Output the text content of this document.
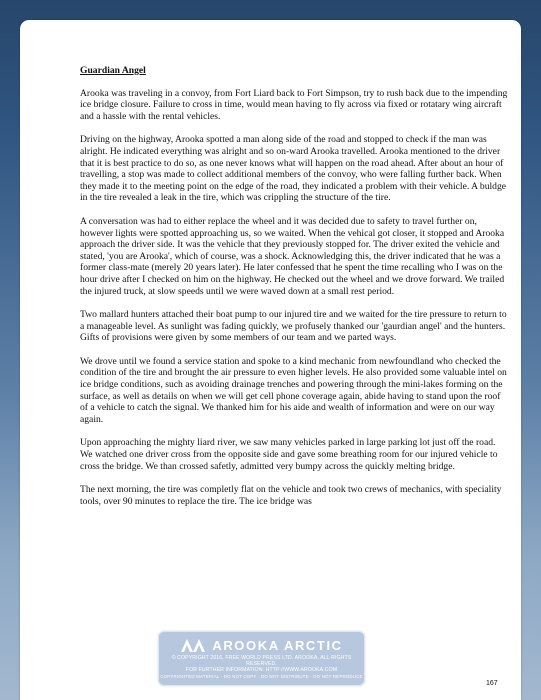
Guardian Angel

Arooka was traveling in a convoy, from Fort Liard back to Fort Simpson, try to rush back due to the impending ice bridge closure. Failure to cross in time, would mean having to fly across via fixed or rotatary wing aircraft and a hassle with the rental vehicles.

Driving on the highway, Arooka spotted a man along side of the road and stopped to check if the man was alright. He indicated everything was alright and so on-ward Arooka travelled. Arooka mentioned to the driver that it is best practice to do so, as one never knows what will happen on the road ahead. After about an hour of travelling, a stop was made to collect additional members of the convoy, who were falling further back. When they made it to the meeting point on the edge of the road, they indicated a problem with their vehicle. A buldge in the tire revealed a leak in the tire, which was crippling the structure of the tire.

A conversation was had to either replace the wheel and it was decided due to safety to travel further on, however lights were spotted approaching us, so we waited. When the vehical got closer, it stopped and Arooka approach the driver side. It was the vehicle that they previously stopped for. The driver exited the vehicle and stated, 'you are Arooka', which of course, was a shock. Acknowledging this, the driver indicated that he was a former class-mate (merely 20 years later). He later confessed that he spent the time recalling who I was on the hour drive after I checked on him on the highway. He checked out the wheel and we drove forward. We trailed the injured truck, at slow speeds until we were waved down at a small rest period.

Two mallard hunters attached their boat pump to our injured tire and we waited for the tire pressure to return to a manageable level. As sunlight was fading quickly, we profusely thanked our 'gaurdian angel' and the hunters. Gifts of provisions were given by some members of our team and we parted ways.

We drove until we found a service station and spoke to a kind mechanic from newfoundland who checked the condition of the tire and brought the air pressure to even higher levels. He also provided some valuable intel on ice bridge conditions, such as avoiding drainage trenches and powering through the mini-lakes forming on the surface, as well as details on when we will get cell phone coverage again, abide having to stand upon the roof of a vehicle to catch the signal. We thanked him for his aide and wealth of information and were on our way again.

Upon approaching the mighty liard river, we saw many vehicles parked in large parking lot just off the road. We watched one driver cross from the opposite side and gave some breathing room for our injured vehicle to cross the bridge. We than crossed safetly, admitted very bumpy across the quickly melting bridge.

The next morning, the tire was completly flat on the vehicle and took two crews of mechanics, with speciality tools, over 90 minutes to replace the tire. The ice bridge was

167
AROOKA ARCTIC
© COPYRIGHT 2016, FREE WORLD PRESS LTD. AROOKA. ALL RIGHTS RESERVED.
FOR FURTHER INFORMATION: HTTP://WWW.AROOKA.COM
COPYRIGHTED MATERIAL - DO NOT COPY - DO NOT DISTRIBUTE - DO NOT REPRODUCE
